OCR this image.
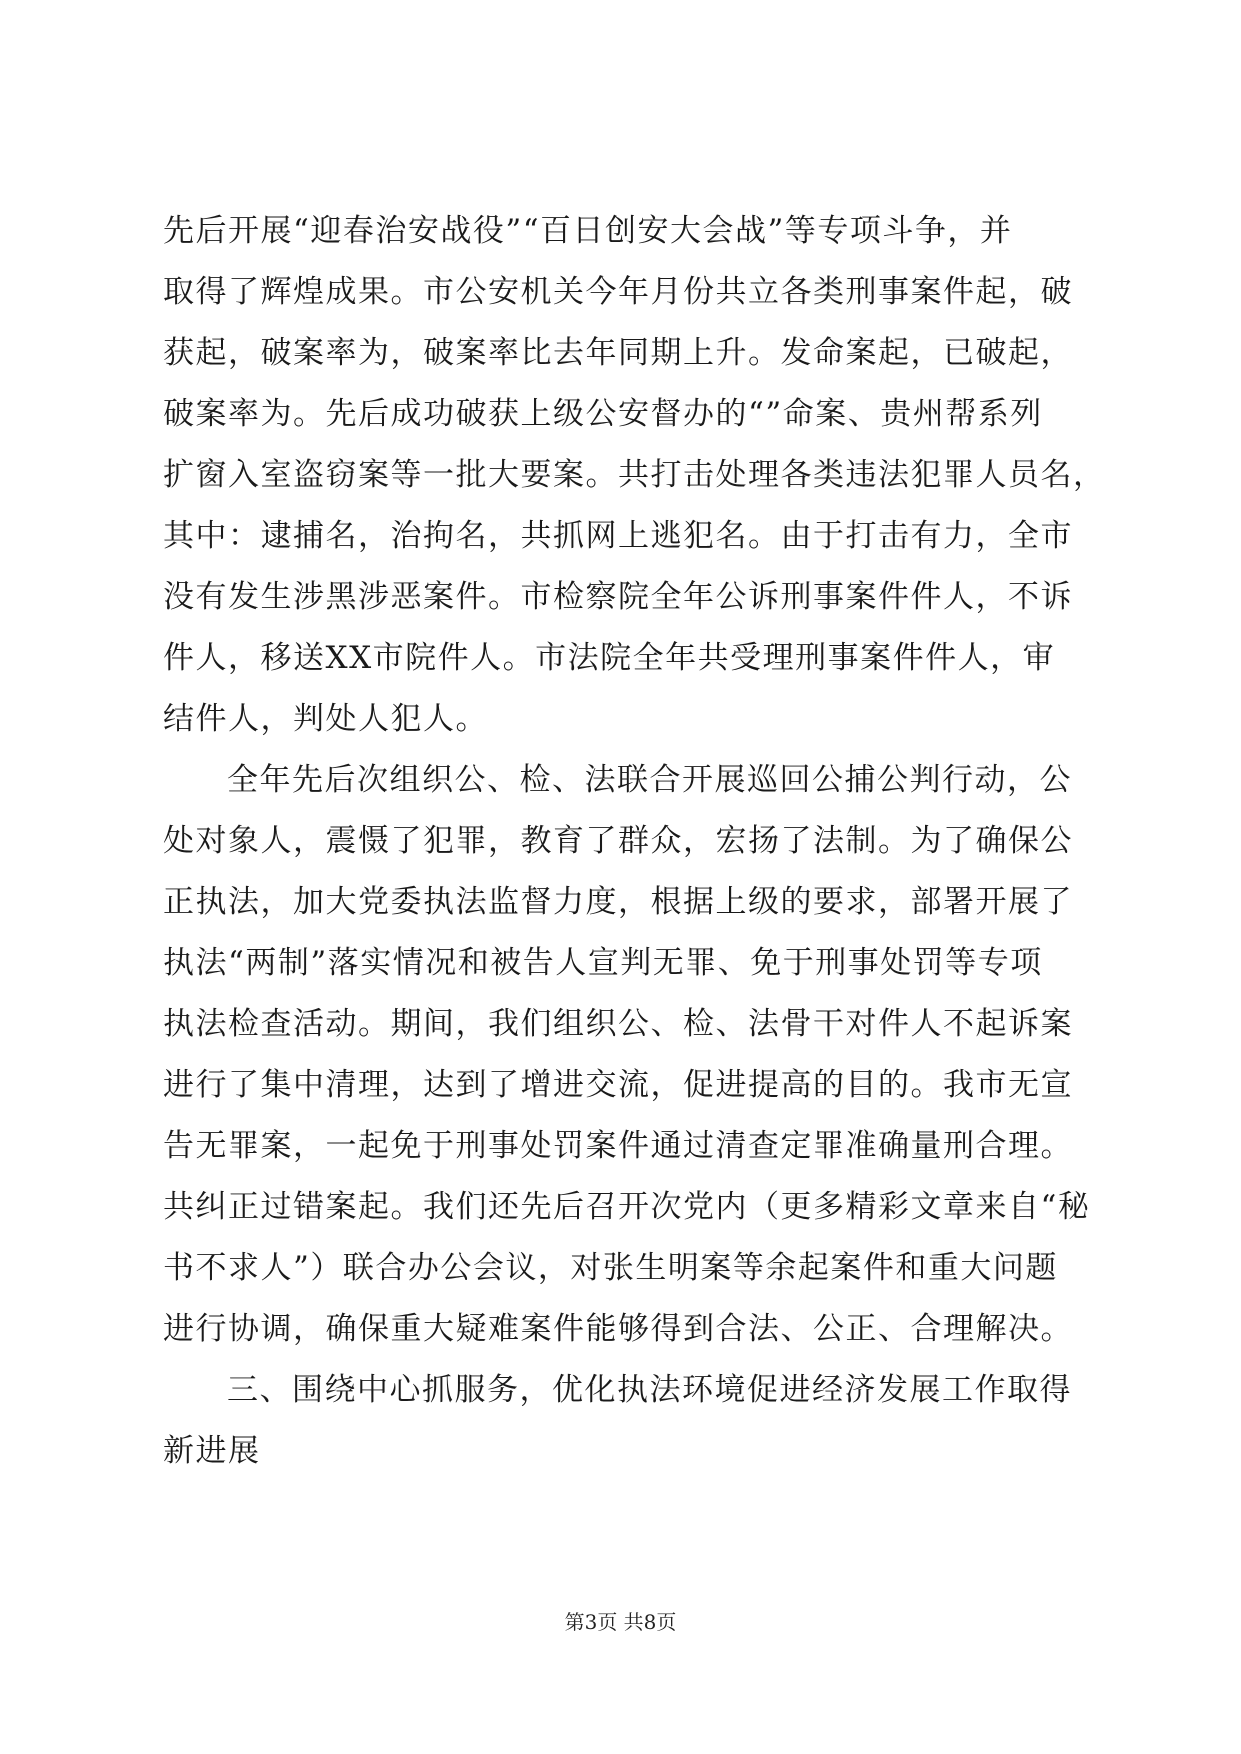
先后开展“迎春治安战役”“百日创安大会战”等专项斗争，并
取得了辉煌成果。市公安机关今年月份共立各类刑事案件起，破
获起，破案率为，破案率比去年同期上升。发命案起，已破起，
破案率为。先后成功破获上级公安督办的“”命案、贵州帮系列
扩窗入室盗窃案等一批大要案。共打击处理各类违法犯罪人员名，
其中：逮捕名，治拘名，共抓网上逃犯名。由于打击有力，全市
没有发生涉黑涉恶案件。市检察院全年公诉刑事案件件人，不诉
件人，移送XX市院件人。市法院全年共受理刑事案件件人，审
结件人，判处人犯人。
全年先后次组织公、检、法联合开展巡回公捕公判行动，公
处对象人，震慑了犯罪，教育了群众，宏扬了法制。为了确保公
正执法，加大党委执法监督力度，根据上级的要求，部署开展了
执法“两制”落实情况和被告人宣判无罪、免于刑事处罚等专项
执法检查活动。期间，我们组织公、检、法骨干对件人不起诉案
进行了集中清理，达到了增进交流，促进提高的目的。我市无宣
告无罪案，一起免于刑事处罚案件通过清查定罪准确量刑合理。
共纠正过错案起。我们还先后召开次党内（更多精彩文章来自“秘
书不求人”）联合办公会议，对张生明案等余起案件和重大问题
进行协调，确保重大疑难案件能够得到合法、公正、合理解决。
三、围绕中心抓服务，优化执法环境促进经济发展工作取得
新进展
第3页 共8页
